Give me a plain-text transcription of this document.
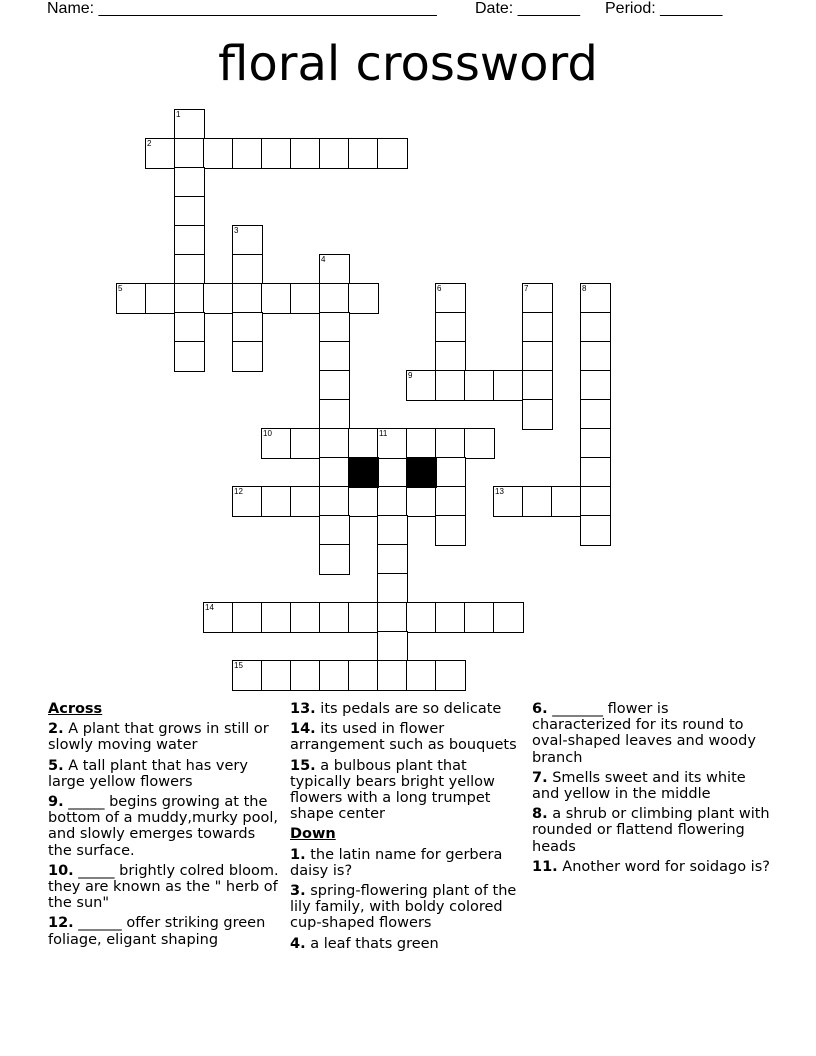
Name: ______________________________________ Date: _______ Period: _______
floral crossword
1
2
3
4
5	6	7	8
9
10	11
12	13
14
15
Across
2. A plant that grows in still or slowly moving water
5. A tall plant that has very large yellow flowers
9. _____ begins growing at the bottom of a muddy,murky pool, and slowly emerges towards the surface.
10. _____ brightly colred bloom. they are known as the " herb of the sun"
12. ______ offer striking green foliage, eligant shaping
13. its pedals are so delicate
14. its used in flower arrangement such as bouquets
15. a bulbous plant that typically bears bright yellow flowers with a long trumpet shape center
Down
1. the latin name for gerbera daisy is?
3. spring-flowering plant of the lily family, with boldy colored cup-shaped flowers
4. a leaf thats green
6. _______ flower is characterized for its round to oval-shaped leaves and woody branch
7. Smells sweet and its white and yellow in the middle
8. a shrub or climbing plant with rounded or flattend flowering heads
11. Another word for soidago is?
